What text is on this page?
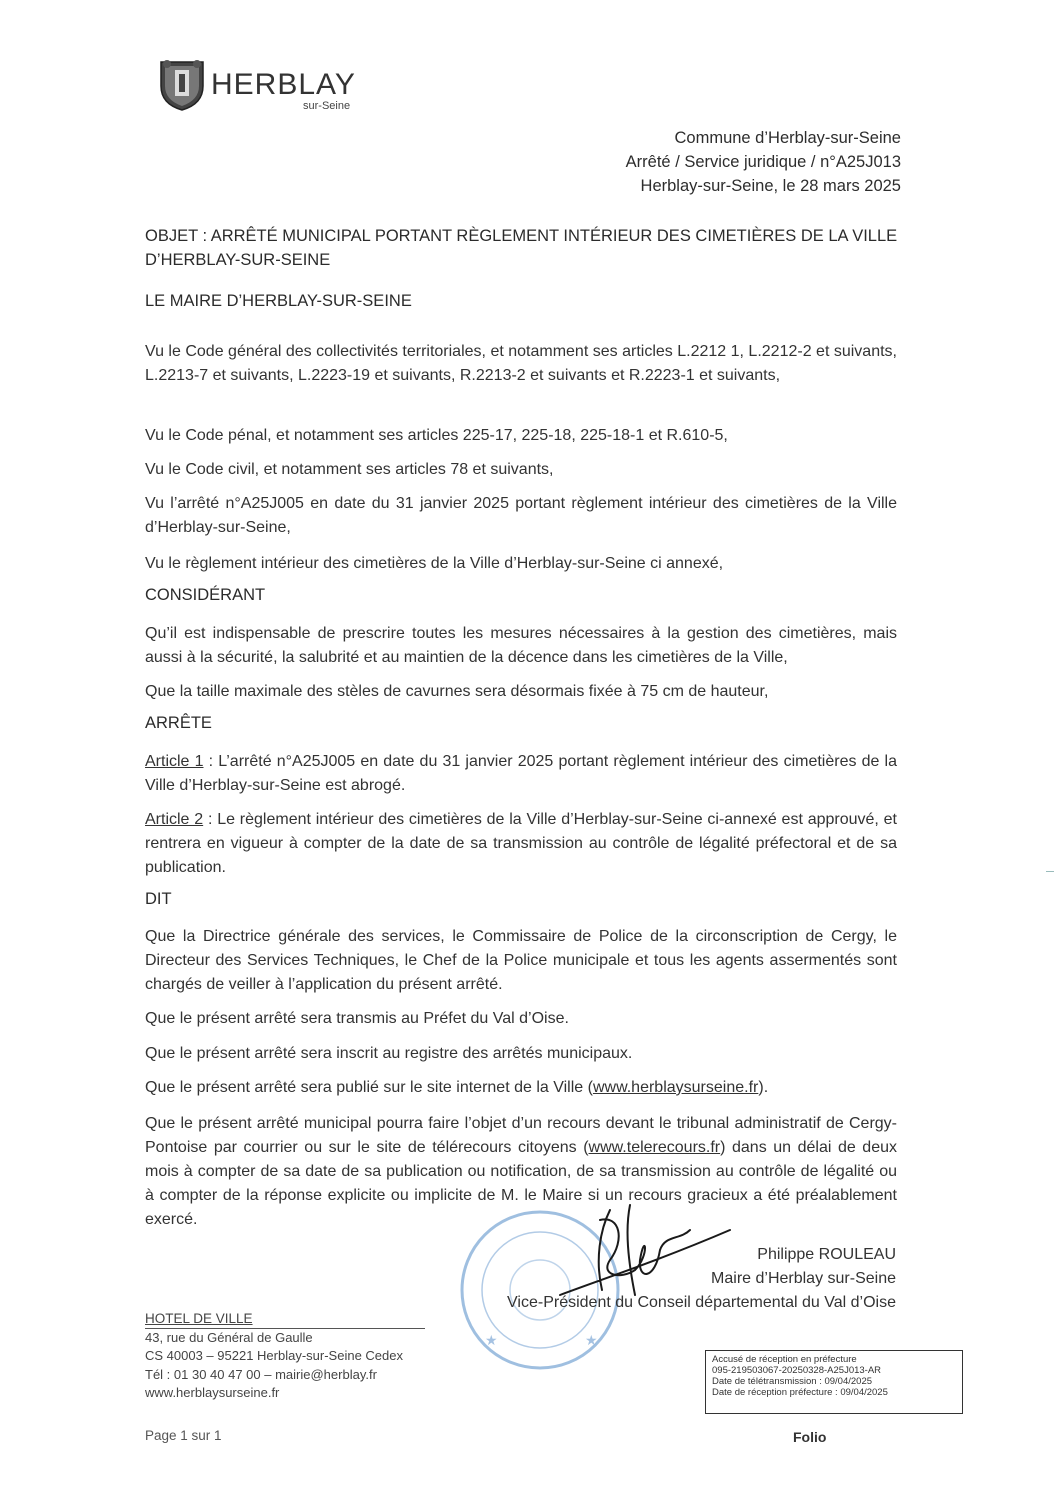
HERBLAY
sur-Seine
Commune d’Herblay-sur-Seine
Arrêté / Service juridique / n°A25J013
Herblay-sur-Seine, le 28 mars 2025
OBJET : ARRÊTÉ MUNICIPAL PORTANT RÈGLEMENT INTÉRIEUR DES CIMETIÈRES DE LA VILLE
D’HERBLAY-SUR-SEINE
LE MAIRE D’HERBLAY-SUR-SEINE
Vu le Code général des collectivités territoriales, et notamment ses articles L.2212 1, L.2212-2 et suivants, L.2213-7 et suivants, L.2223-19 et suivants, R.2213-2 et suivants et R.2223-1 et suivants,
Vu le Code pénal, et notamment ses articles 225-17, 225-18, 225-18-1 et R.610-5,
Vu le Code civil, et notamment ses articles 78 et suivants,
Vu l’arrêté n°A25J005 en date du 31 janvier 2025 portant règlement intérieur des cimetières de la Ville d’Herblay-sur-Seine,
Vu le règlement intérieur des cimetières de la Ville d’Herblay-sur-Seine ci annexé,
CONSIDÉRANT
Qu’il est indispensable de prescrire toutes les mesures nécessaires à la gestion des cimetières, mais aussi à la sécurité, la salubrité et au maintien de la décence dans les cimetières de la Ville,
Que la taille maximale des stèles de cavurnes sera désormais fixée à 75 cm de hauteur,
ARRÊTE
Article 1 : L’arrêté n°A25J005 en date du 31 janvier 2025 portant règlement intérieur des cimetières de la Ville d’Herblay-sur-Seine est abrogé.
Article 2 : Le règlement intérieur des cimetières de la Ville d’Herblay-sur-Seine ci-annexé est approuvé, et rentrera en vigueur à compter de la date de sa transmission au contrôle de légalité préfectoral et de sa publication.
DIT
Que la Directrice générale des services, le Commissaire de Police de la circonscription de Cergy, le Directeur des Services Techniques, le Chef de la Police municipale et tous les agents assermentés sont chargés de veiller à l’application du présent arrêté.
Que le présent arrêté sera transmis au Préfet du Val d’Oise.
Que le présent arrêté sera inscrit au registre des arrêtés municipaux.
Que le présent arrêté sera publié sur le site internet de la Ville (www.herblaysurseine.fr).
Que le présent arrêté municipal pourra faire l’objet d’un recours devant le tribunal administratif de Cergy-Pontoise par courrier ou sur le site de télérecours citoyens (www.telerecours.fr) dans un délai de deux mois à compter de sa date de sa publication ou notification, de sa transmission au contrôle de légalité ou à compter de la réponse explicite ou implicite de M. le Maire si un recours gracieux a été préalablement exercé.
★	★
Philippe ROULEAU
Maire d’Herblay sur-Seine
Vice-Président du Conseil départemental du Val d’Oise
HOTEL DE VILLE
43, rue du Général de Gaulle
CS 40003 – 95221 Herblay-sur-Seine Cedex
Tél : 01 30 40 47 00 – mairie@herblay.fr
www.herblaysurseine.fr
Accusé de réception en préfecture
095-219503067-20250328-A25J013-AR
Date de télétransmission : 09/04/2025
Date de réception préfecture : 09/04/2025
Page 1 sur 1	Folio
